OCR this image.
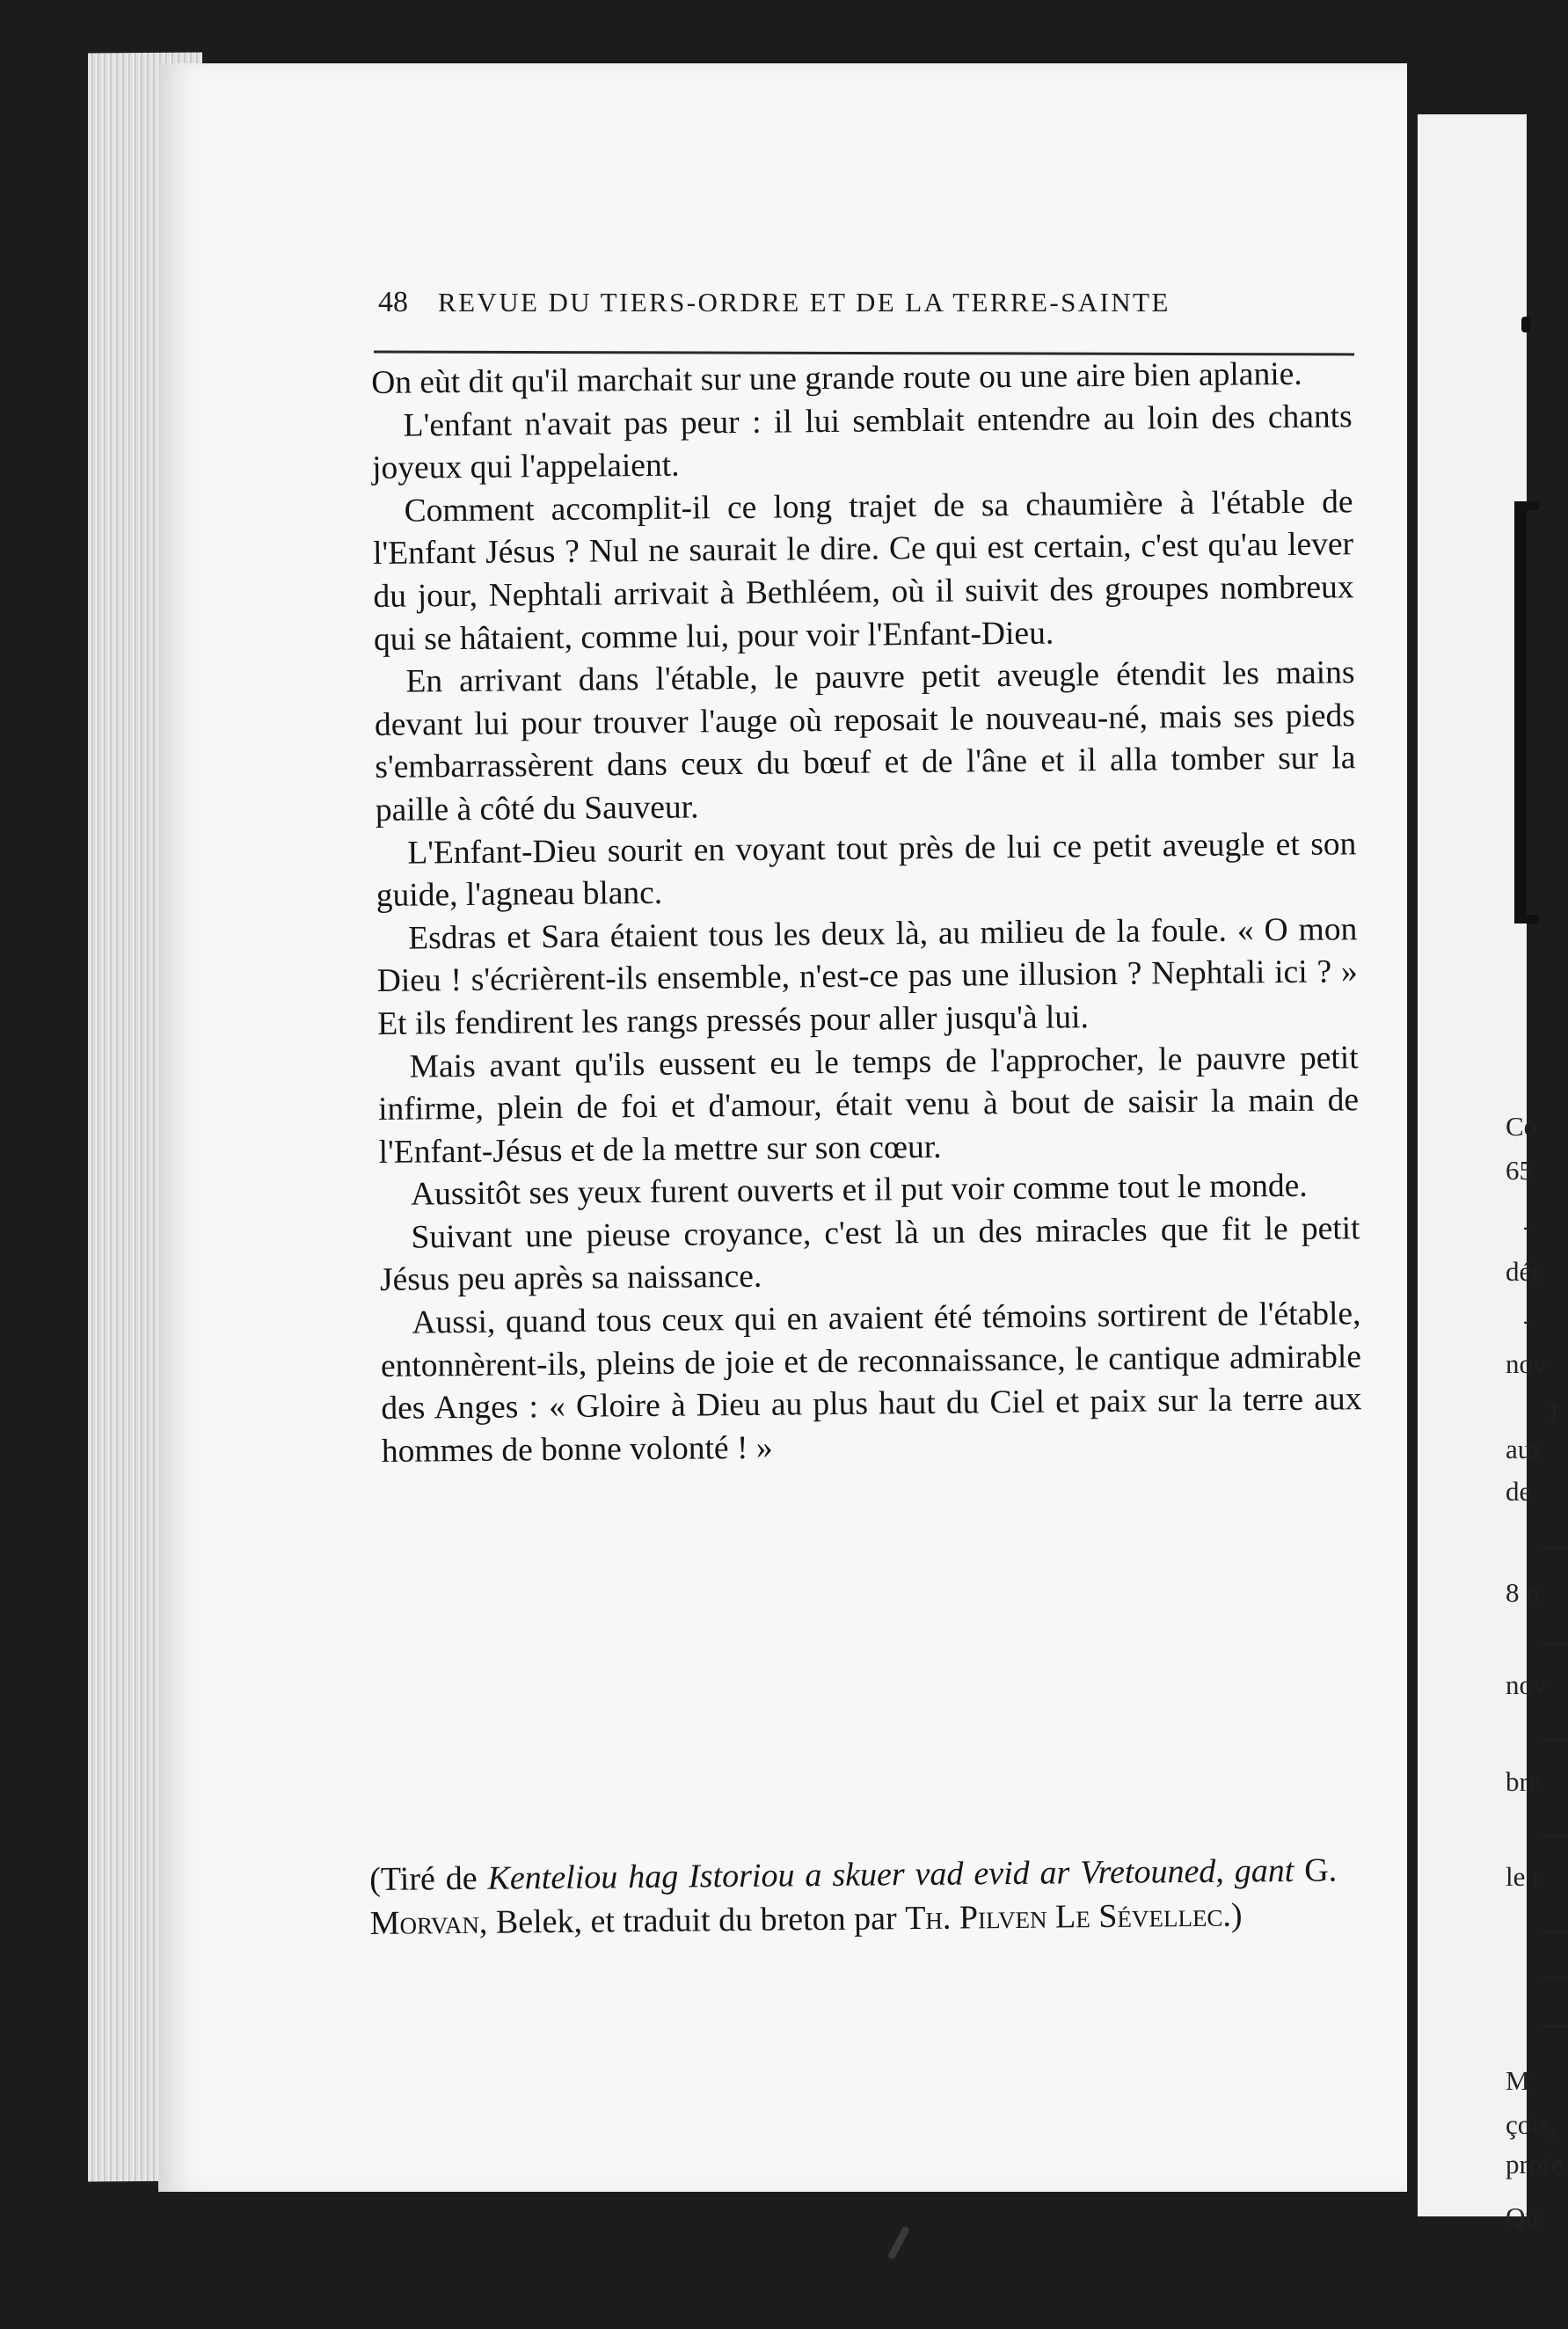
Co
65
-
déc
-
nov
I
aux
de
—
8 n
—
nov
—
bre
—
le r
—
—
—
M
çois,
profe
Qu
48 REVUE DU TIERS-ORDRE ET DE LA TERRE-SAINTE

On eùt dit qu'il marchait sur une grande route ou une aire bien aplanie.

L'enfant n'avait pas peur : il lui semblait entendre au loin des chants joyeux qui l'appelaient.

Comment accomplit-il ce long trajet de sa chaumière à l'étable de l'Enfant Jésus ? Nul ne saurait le dire. Ce qui est certain, c'est qu'au lever du jour, Nephtali arrivait à Bethléem, où il suivit des groupes nombreux qui se hâtaient, comme lui, pour voir l'Enfant-Dieu.

En arrivant dans l'étable, le pauvre petit aveugle étendit les mains devant lui pour trouver l'auge où reposait le nouveau-né, mais ses pieds s'embarrassèrent dans ceux du bœuf et de l'âne et il alla tomber sur la paille à côté du Sauveur.

L'Enfant-Dieu sourit en voyant tout près de lui ce petit aveugle et son guide, l'agneau blanc.

Esdras et Sara étaient tous les deux là, au milieu de la foule. « O mon Dieu ! s'écrièrent-ils ensemble, n'est-ce pas une illusion ? Nephtali ici ? » Et ils fendirent les rangs pressés pour aller jusqu'à lui.

Mais avant qu'ils eussent eu le temps de l'approcher, le pauvre petit infirme, plein de foi et d'amour, était venu à bout de saisir la main de l'Enfant-Jésus et de la mettre sur son cœur.

Aussitôt ses yeux furent ouverts et il put voir comme tout le monde.

Suivant une pieuse croyance, c'est là un des miracles que fit le petit Jésus peu après sa naissance.

Aussi, quand tous ceux qui en avaient été témoins sortirent de l'étable, entonnèrent-ils, pleins de joie et de reconnaissance, le cantique admirable des Anges : « Gloire à Dieu au plus haut du Ciel et paix sur la terre aux hommes de bonne volonté ! »

(Tiré de Kenteliou hag Istoriou a skuer vad evid ar Vretouned, gant G. Morvan, Belek, et traduit du breton par Th. Pilven Le Sévellec.)
